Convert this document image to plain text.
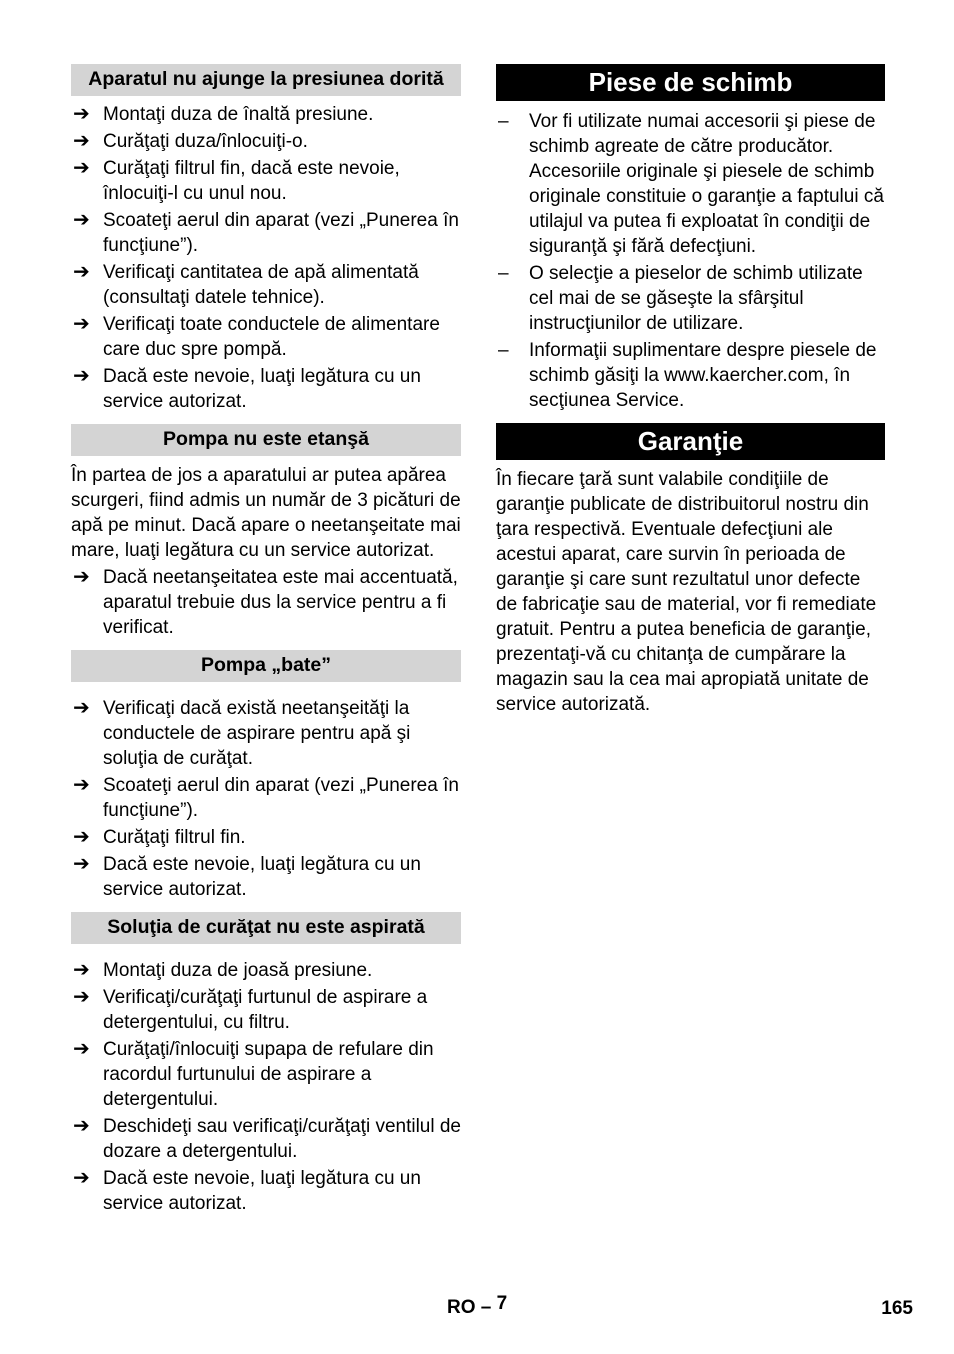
Aparatul nu ajunge la presiunea dorită
➔ Montaţi duza de înaltă presiune.
➔ Curăţaţi duza/înlocuiţi-o.
➔ Curăţaţi filtrul fin, dacă este nevoie, înlocuiţi-l cu unul nou.
➔ Scoateţi aerul din aparat (vezi „Punerea în funcţiune”).
➔ Verificaţi cantitatea de apă alimentată (consultaţi datele tehnice).
➔ Verificaţi toate conductele de alimentare care duc spre pompă.
➔ Dacă este nevoie, luaţi legătura cu un service autorizat.
Pompa nu este etanşă

În partea de jos a aparatului ar putea apărea scurgeri, fiind admis un număr de 3 picături de apă pe minut. Dacă apare o neetanşeitate mai mare, luaţi legătura cu un service autorizat.

➔ Dacă neetanşeitatea este mai accentuată, aparatul trebuie dus la service pentru a fi verificat.
Pompa „bate”
➔ Verificaţi dacă există neetanşeităţi la conductele de aspirare pentru apă şi soluţia de curăţat.
➔ Scoateţi aerul din aparat (vezi „Punerea în funcţiune”).
➔ Curăţaţi filtrul fin.
➔ Dacă este nevoie, luaţi legătura cu un service autorizat.
Soluţia de curăţat nu este aspirată
➔ Montaţi duza de joasă presiune.
➔ Verificaţi/curăţaţi furtunul de aspirare a detergentului, cu filtru.
➔ Curăţaţi/înlocuiţi supapa de refulare din racordul furtunului de aspirare a detergentului.
➔ Deschideţi sau verificaţi/curăţaţi ventilul de dozare a detergentului.
➔ Dacă este nevoie, luaţi legătura cu un service autorizat.
Piese de schimb
– Vor fi utilizate numai accesorii şi piese de schimb agreate de către producător. Accesoriile originale şi piesele de schimb originale constituie o garanţie a faptului că utilajul va putea fi exploatat în condiţii de siguranţă şi fără defecţiuni.
– O selecţie a pieselor de schimb utilizate cel mai de se găseşte la sfârşitul instrucţiunilor de utilizare.
– Informaţii suplimentare despre piesele de schimb găsiţi la www.kaercher.com, în secţiunea Service.
Garanţie

În fiecare ţară sunt valabile condiţiile de garanţie publicate de distribuitorul nostru din ţara respectivă. Eventuale defecţiuni ale acestui aparat, care survin în perioada de garanţie şi care sunt rezultatul unor defecte de fabricaţie sau de material, vor fi remediate gratuit. Pentru a putea beneficia de garanţie, prezentaţi-vă cu chitanţa de cumpărare la magazin sau la cea mai apropiată unitate de service autorizată.

RO – 7	165
